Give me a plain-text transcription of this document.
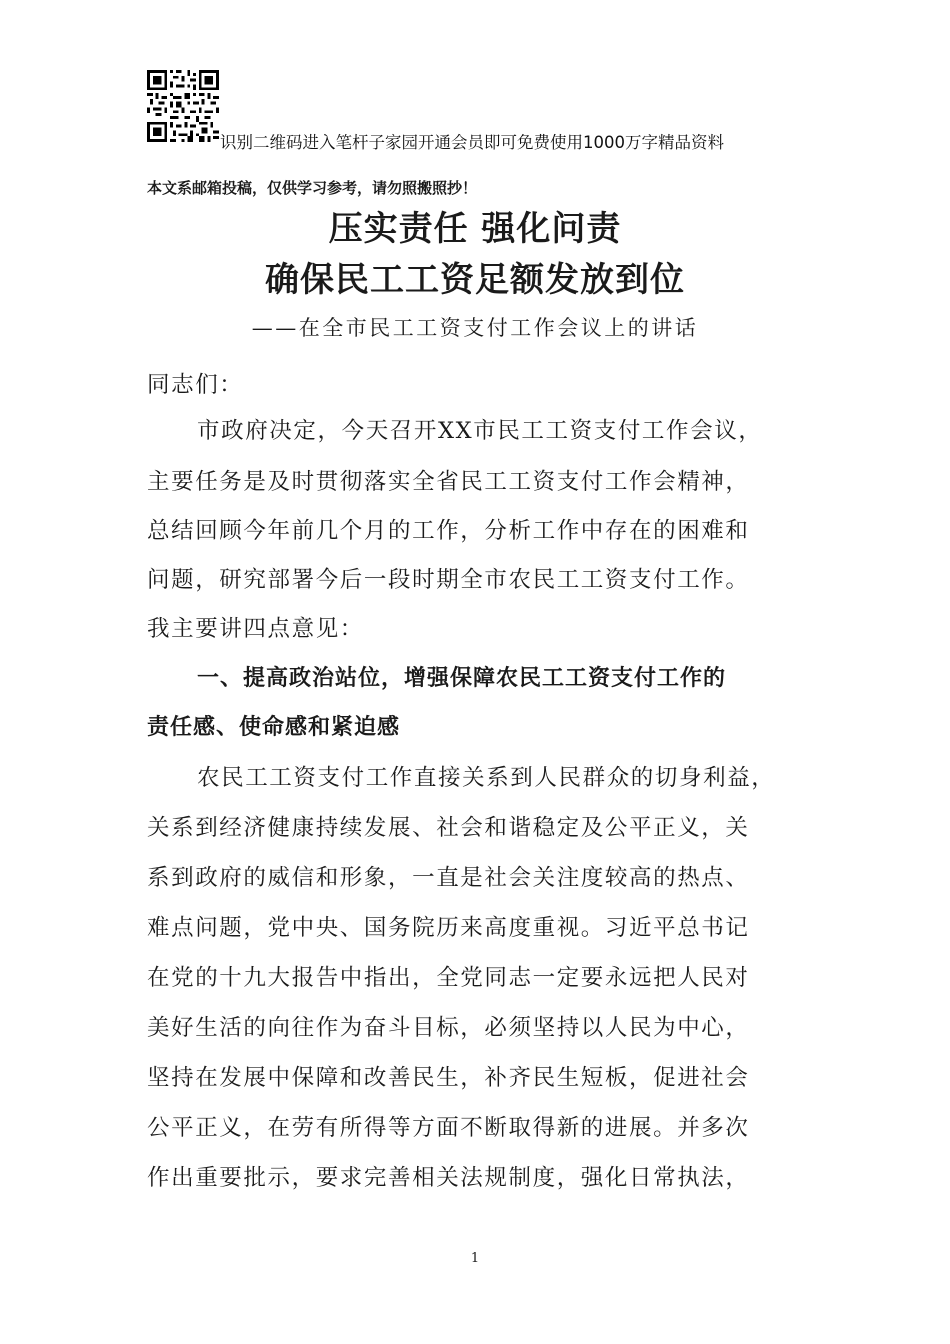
识别二维码进入笔杆子家园开通会员即可免费使用1000万字精品资料
本文系邮箱投稿，仅供学习参考，请勿照搬照抄！
压实责任 强化问责
确保民工工资足额发放到位
——在全市民工工资支付工作会议上的讲话
同志们：
市政府决定，今天召开XX市民工工资支付工作会议，
主要任务是及时贯彻落实全省民工工资支付工作会精神，
总结回顾今年前几个月的工作，分析工作中存在的困难和
问题，研究部署今后一段时期全市农民工工资支付工作。
我主要讲四点意见：
一、提高政治站位，增强保障农民工工资支付工作的
责任感、使命感和紧迫感
农民工工资支付工作直接关系到人民群众的切身利益，
关系到经济健康持续发展、社会和谐稳定及公平正义，关
系到政府的威信和形象，一直是社会关注度较高的热点、
难点问题，党中央、国务院历来高度重视。习近平总书记
在党的十九大报告中指出，全党同志一定要永远把人民对
美好生活的向往作为奋斗目标，必须坚持以人民为中心，
坚持在发展中保障和改善民生，补齐民生短板，促进社会
公平正义，在劳有所得等方面不断取得新的进展。并多次
作出重要批示，要求完善相关法规制度，强化日常执法，
1
